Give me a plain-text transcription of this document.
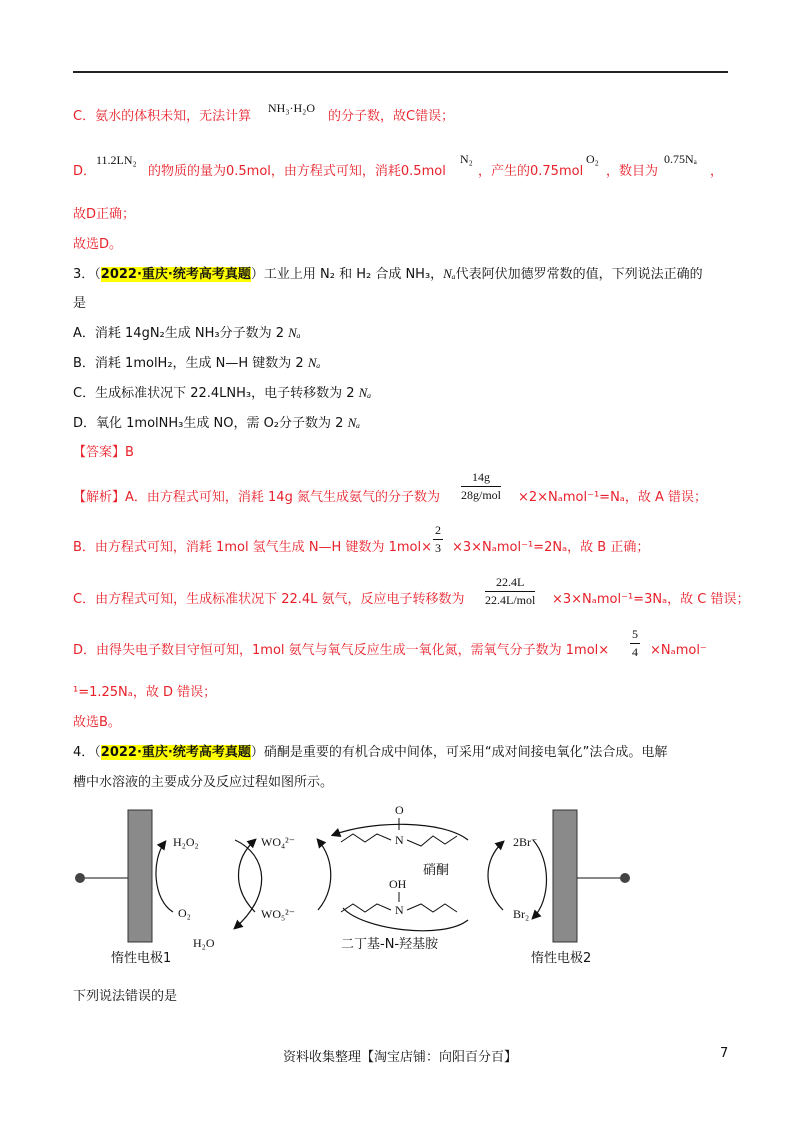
C．氨水的体积未知，无法计算
NH₃·H₂O
的分子数，故C错误；
D．
11.2LN₂
的物质的量为0.5mol，由方程式可知，消耗0.5mol
N₂
，产生的0.75mol
O₂
，数目为
0.75Nₐ
，
故D正确；
故选D。
3．（2022·重庆·统考高考真题）工业上用 N₂ 和 H₂ 合成 NH₃，Nₐ代表阿伏加德罗常数的值，下列说法正确的
是
A．消耗 14gN₂生成 NH₃分子数为 2 Nₐ
B．消耗 1molH₂，生成 N—H 键数为 2 Nₐ
C．生成标准状况下 22.4LNH₃，电子转移数为 2 Nₐ
D．氧化 1molNH₃生成 NO，需 O₂分子数为 2 Nₐ
【答案】B
【解析】A．由方程式可知，消耗 14g 氮气生成氨气的分子数为
14g
28g/mol ×2×Nₐmol⁻¹=Nₐ，故 A 错误；
B．由方程式可知，消耗 1mol 氢气生成 N—H 键数为 $1mol\times \frac{2}{3} \times 3\times N_amol^{-1}=2N_a$，故 B 正确；
C．由方程式可知，生成标准状况下 22.4L 氨气，反应电子转移数为
22.4L
22.4L/mol ×3×Nₐmol⁻¹=3Nₐ，故 C 错误；
D．由得失电子数目守恒可知，1mol 氨气与氧气反应生成一氧化氮，需氧气分子数为 $1mol\times \frac{5}{4} \times N_amol^-$
¹=1.25Nₐ，故 D 错误；
故选B。
4．（2022·重庆·统考高考真题）硝酮是重要的有机合成中间体，可采用“成对间接电氧化”法合成。电解
槽中水溶液的主要成分及反应过程如图所示。
H₂O₂
O₂
H₂O
WO₄²⁻
WO₅²⁻
O
N
硝酮
OH
N
二丁基-N-羟基胺
2Br⁻
Br₂
惰性电极1	惰性电极2
下列说法错误的是
资料收集整理【淘宝店铺：向阳百分百】	7
